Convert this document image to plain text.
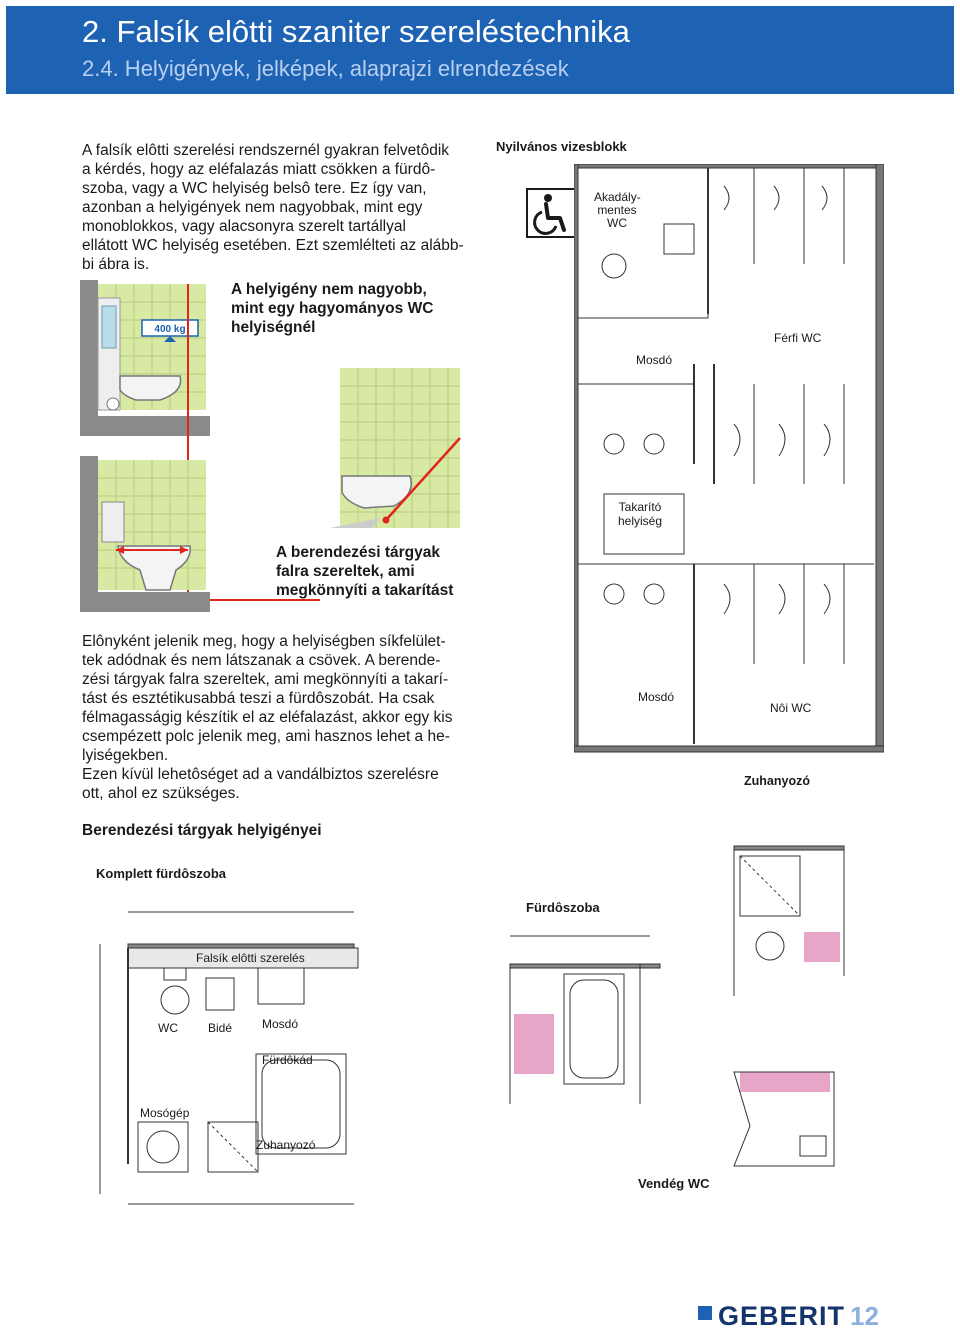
2. Falsík elôtti szaniter szereléstechnika
2.4. Helyigények, jelképek, alaprajzi elrendezések
A falsík elôtti szerelési rendszernél gyakran felvetôdik
a kérdés, hogy az eléfalazás miatt csökken a fürdô-
szoba, vagy a WC helyiség belsô tere. Ez így van,
azonban a helyigények nem nagyobbak, mint egy
monoblokkos, vagy alacsonyra szerelt tartállyal
ellátott WC helyiség esetében. Ezt szemlélteti az alább-
bi ábra is.
400 kg
A helyigény nem nagyobb,
mint egy hagyományos WC
helyiségnél
A berendezési tárgyak
falra szereltek, ami
megkönnyíti a takarítást
Elônyként jelenik meg, hogy a helyiségben síkfelület-
tek adódnak és nem látszanak a csövek. A berende-
zési tárgyak falra szereltek, ami megkönnyíti a takarí-
tást és esztétikusabbá teszi a fürdôszobát. Ha csak
félmagasságig készítik el az eléfalazást, akkor egy kis
csempézett polc jelenik meg, ami hasznos lehet a he-
lyiségekben.
Ezen kívül lehetôséget ad a vandálbiztos szerelésre
ott, ahol ez szükséges.
Nyilvános vizesblokk
Akadály-
mentes
WC
Mosdó
Férfi WC
Takarító
helyiség
Mosdó
Nôi WC
Zuhanyozó
Berendezési tárgyak helyigényei
Komplett fürdôszoba
Falsík elôtti szerelés
WC	Bidé Mosdó
Fürdôkád
Mosógép
Zuhanyozó
Fürdôszoba
Vendég WC
GEBERIT 12
